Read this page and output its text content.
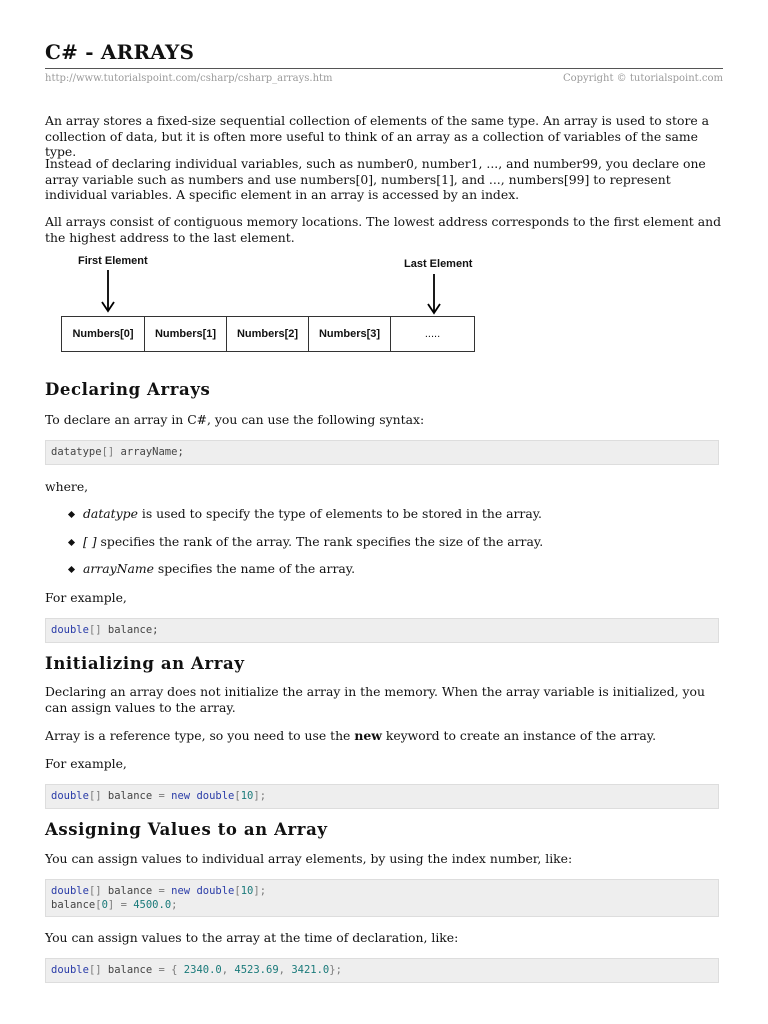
C# - ARRAYS
http://www.tutorialspoint.com/csharp/csharp_arrays.htm	Copyright © tutorialspoint.com

An array stores a fixed-size sequential collection of elements of the same type. An array is used to store a collection of data, but it is often more useful to think of an array as a collection of variables of the same type.

Instead of declaring individual variables, such as number0, number1, ..., and number99, you declare one array variable such as numbers and use numbers[0], numbers[1], and ..., numbers[99] to represent individual variables. A specific element in an array is accessed by an index.

All arrays consist of contiguous memory locations. The lowest address corresponds to the first element and the highest address to the last element.

First Element	Last Element
Numbers[0]	Numbers[1]	Numbers[2]	Numbers[3]	.....
Declaring Arrays

To declare an array in C#, you can use the following syntax:

datatype[] arrayName;

where,

datatype is used to specify the type of elements to be stored in the array.
[ ] specifies the rank of the array. The rank specifies the size of the array.
arrayName specifies the name of the array.

For example,

double[] balance;
Initializing an Array

Declaring an array does not initialize the array in the memory. When the array variable is initialized, you can assign values to the array.

Array is a reference type, so you need to use the new keyword to create an instance of the array.

For example,

double[] balance = new double[10];
Assigning Values to an Array

You can assign values to individual array elements, by using the index number, like:

double[] balance = new double[10];
balance[0] = 4500.0;

You can assign values to the array at the time of declaration, like:

double[] balance = { 2340.0, 4523.69, 3421.0};
